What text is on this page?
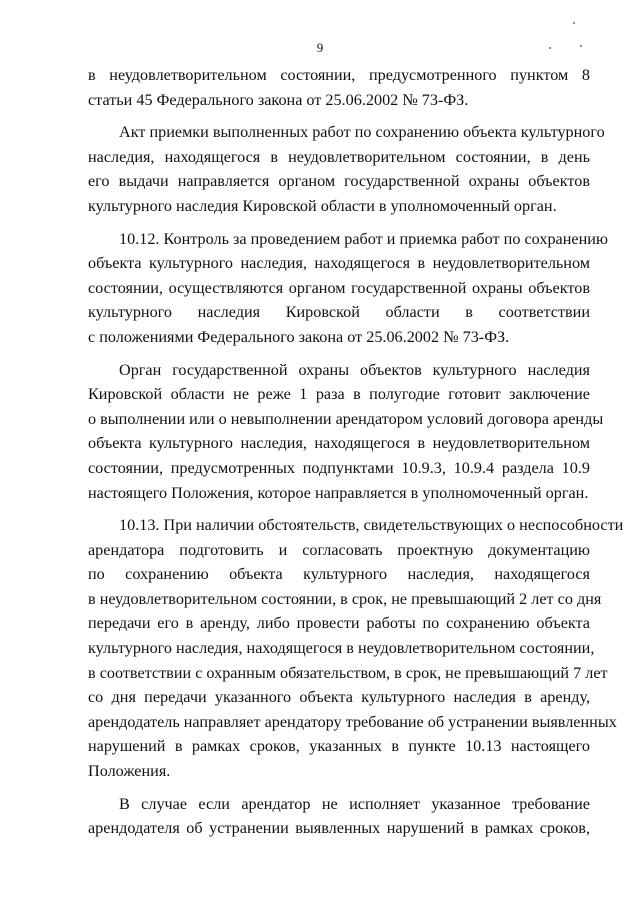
9
в неудовлетворительном состоянии, предусмотренного пунктом 8
статьи 45 Федерального закона от 25.06.2002 № 73-ФЗ.
Акт приемки выполненных работ по сохранению объекта культурного
наследия, находящегося в неудовлетворительном состоянии, в день
его выдачи направляется органом государственной охраны объектов
культурного наследия Кировской области в уполномоченный орган.
10.12. Контроль за проведением работ и приемка работ по сохранению
объекта культурного наследия, находящегося в неудовлетворительном
состоянии, осуществляются органом государственной охраны объектов
культурного наследия Кировской области в соответствии
с положениями Федерального закона от 25.06.2002 № 73-ФЗ.
Орган государственной охраны объектов культурного наследия
Кировской области не реже 1 раза в полугодие готовит заключение
о выполнении или о невыполнении арендатором условий договора аренды
объекта культурного наследия, находящегося в неудовлетворительном
состоянии, предусмотренных подпунктами 10.9.3, 10.9.4 раздела 10.9
настоящего Положения, которое направляется в уполномоченный орган.
10.13. При наличии обстоятельств, свидетельствующих о неспособности
арендатора подготовить и согласовать проектную документацию
по сохранению объекта культурного наследия, находящегося
в неудовлетворительном состоянии, в срок, не превышающий 2 лет со дня
передачи его в аренду, либо провести работы по сохранению объекта
культурного наследия, находящегося в неудовлетворительном состоянии,
в соответствии с охранным обязательством, в срок, не превышающий 7 лет
со дня передачи указанного объекта культурного наследия в аренду,
арендодатель направляет арендатору требование об устранении выявленных
нарушений в рамках сроков, указанных в пункте 10.13 настоящего
Положения.
В случае если арендатор не исполняет указанное требование
арендодателя об устранении выявленных нарушений в рамках сроков,
